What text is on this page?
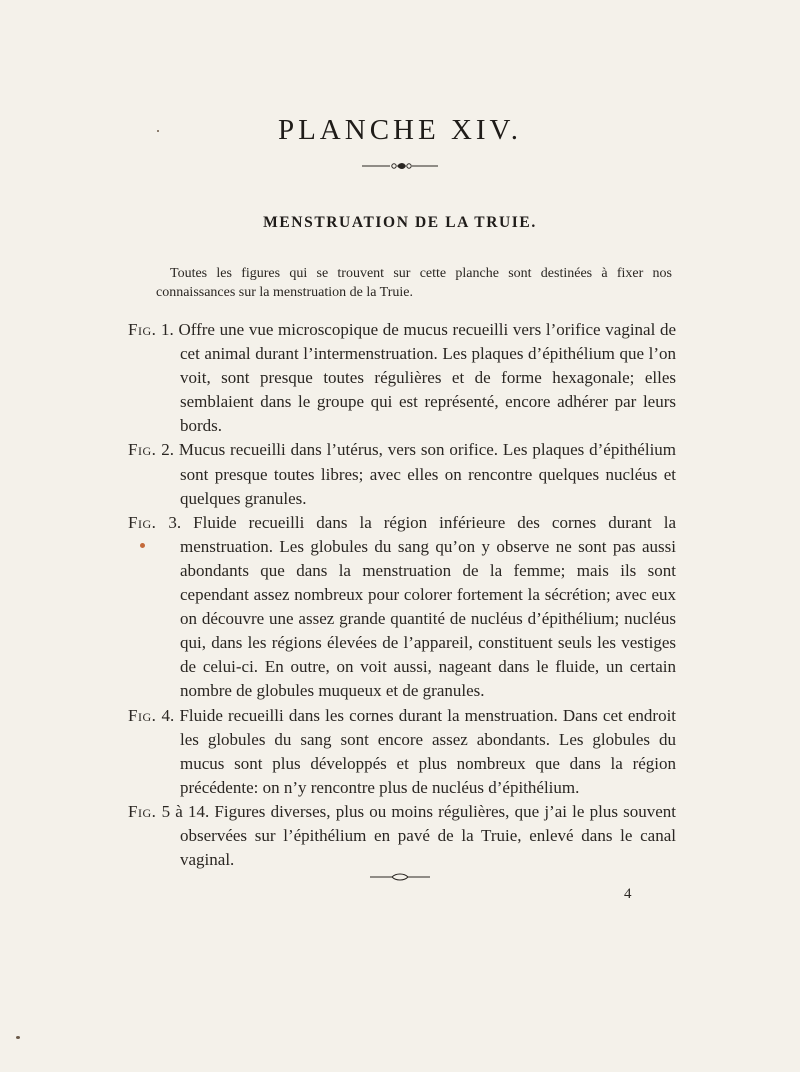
PLANCHE XIV.
MENSTRUATION DE LA TRUIE.
Toutes les figures qui se trouvent sur cette planche sont destinées à fixer nos connaissances sur la menstruation de la Truie.
Fig. 1. Offre une vue microscopique de mucus recueilli vers l’orifice vaginal de cet animal durant l’intermenstruation. Les plaques d’épithélium que l’on voit, sont presque toutes régulières et de forme hexagonale; elles semblaient dans le groupe qui est représenté, encore adhérer par leurs bords.
Fig. 2. Mucus recueilli dans l’utérus, vers son orifice. Les plaques d’épithélium sont presque toutes libres; avec elles on rencontre quelques nucléus et quelques granules.
Fig. 3. Fluide recueilli dans la région inférieure des cornes durant la menstruation. Les globules du sang qu’on y observe ne sont pas aussi abondants que dans la menstruation de la femme; mais ils sont cependant assez nombreux pour colorer fortement la sécrétion; avec eux on découvre une assez grande quantité de nucléus d’épithélium; nucléus qui, dans les régions élevées de l’appareil, constituent seuls les vestiges de celui-ci. En outre, on voit aussi, nageant dans le fluide, un certain nombre de globules muqueux et de granules.
Fig. 4. Fluide recueilli dans les cornes durant la menstruation. Dans cet endroit les globules du sang sont encore assez abondants. Les globules du mucus sont plus développés et plus nombreux que dans la région précédente: on n’y rencontre plus de nucléus d’épithélium.
Fig. 5 à 14. Figures diverses, plus ou moins régulières, que j’ai le plus souvent observées sur l’épithélium en pavé de la Truie, enlevé dans le canal vaginal.
4
